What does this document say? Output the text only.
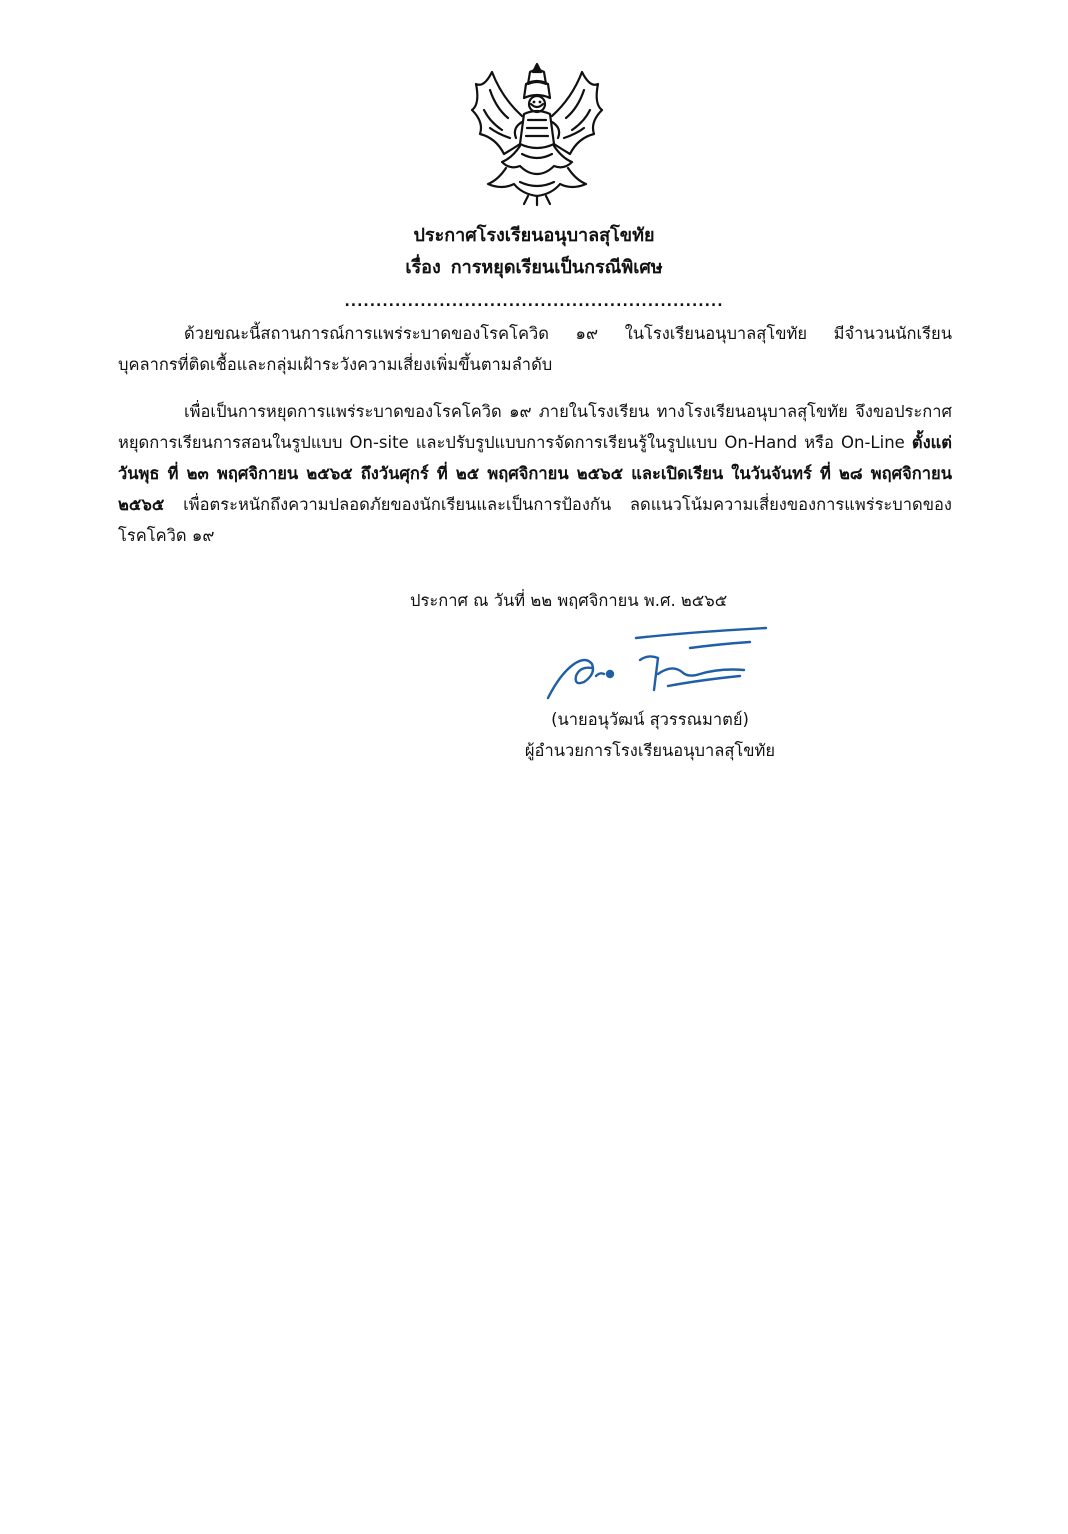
ประกาศโรงเรียนอนุบาลสุโขทัย

เรื่อง การหยุดเรียนเป็นกรณีพิเศษ

............................................................

ด้วยขณะนี้สถานการณ์การแพร่ระบาดของโรคโควิด ๑๙ ในโรงเรียนอนุบาลสุโขทัย มีจำนวนนักเรียน บุคลากรที่ติดเชื้อและกลุ่มเฝ้าระวังความเสี่ยงเพิ่มขึ้นตามลำดับ

เพื่อเป็นการหยุดการแพร่ระบาดของโรคโควิด ๑๙ ภายในโรงเรียน ทางโรงเรียนอนุบาลสุโขทัย จึงขอประกาศหยุดการเรียนการสอนในรูปแบบ On-site และปรับรูปแบบการจัดการเรียนรู้ในรูปแบบ On-Hand หรือ On-Line ตั้งแต่วันพุธ ที่ ๒๓ พฤศจิกายน ๒๕๖๕ ถึงวันศุกร์ ที่ ๒๕ พฤศจิกายน ๒๕๖๕ และเปิดเรียน ในวันจันทร์ ที่ ๒๘ พฤศจิกายน ๒๕๖๕ เพื่อตระหนักถึงความปลอดภัยของนักเรียนและเป็นการป้องกัน ลดแนวโน้มความเสี่ยงของการแพร่ระบาดของโรคโควิด ๑๙

ประกาศ ณ วันที่ ๒๒ พฤศจิกายน พ.ศ. ๒๕๖๕

(นายอนุวัฒน์ สุวรรณมาตย์)

ผู้อำนวยการโรงเรียนอนุบาลสุโขทัย
